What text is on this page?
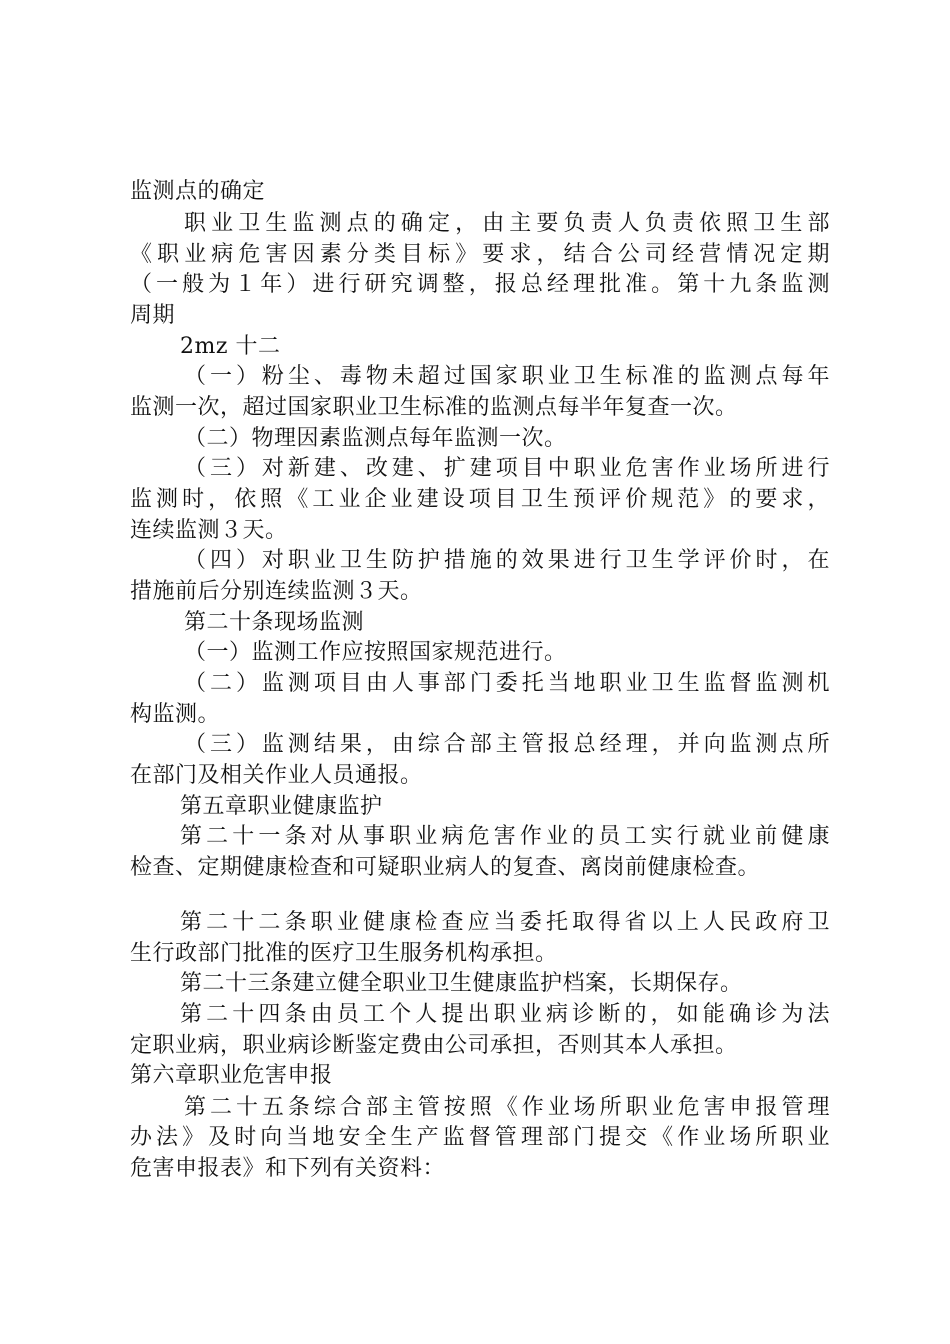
监测点的确定
职业卫生监测点的确定，由主要负责人负责依照卫生部
《职业病危害因素分类目标》要求，结合公司经营情况定期
（一般为１年）进行研究调整，报总经理批准。第十九条监测
周期
2mz 十二
（一）粉尘、毒物未超过国家职业卫生标准的监测点每年
监测一次，超过国家职业卫生标准的监测点每半年复查一次。
（二）物理因素监测点每年监测一次。
（三）对新建、改建、扩建项目中职业危害作业场所进行
监测时，依照《工业企业建设项目卫生预评价规范》的要求，
连续监测３天。
（四）对职业卫生防护措施的效果进行卫生学评价时，在
措施前后分别连续监测３天。
第二十条现场监测
（一）监测工作应按照国家规范进行。
（二）监测项目由人事部门委托当地职业卫生监督监测机
构监测。
（三）监测结果，由综合部主管报总经理，并向监测点所
在部门及相关作业人员通报。
第五章职业健康监护
第二十一条对从事职业病危害作业的员工实行就业前健康
检查、定期健康检查和可疑职业病人的复查、离岗前健康检查。
第二十二条职业健康检查应当委托取得省以上人民政府卫
生行政部门批准的医疗卫生服务机构承担。
第二十三条建立健全职业卫生健康监护档案，长期保存。
第二十四条由员工个人提出职业病诊断的，如能确诊为法
定职业病，职业病诊断鉴定费由公司承担，否则其本人承担。
第六章职业危害申报
第二十五条综合部主管按照《作业场所职业危害申报管理
办法》及时向当地安全生产监督管理部门提交《作业场所职业
危害申报表》和下列有关资料：
